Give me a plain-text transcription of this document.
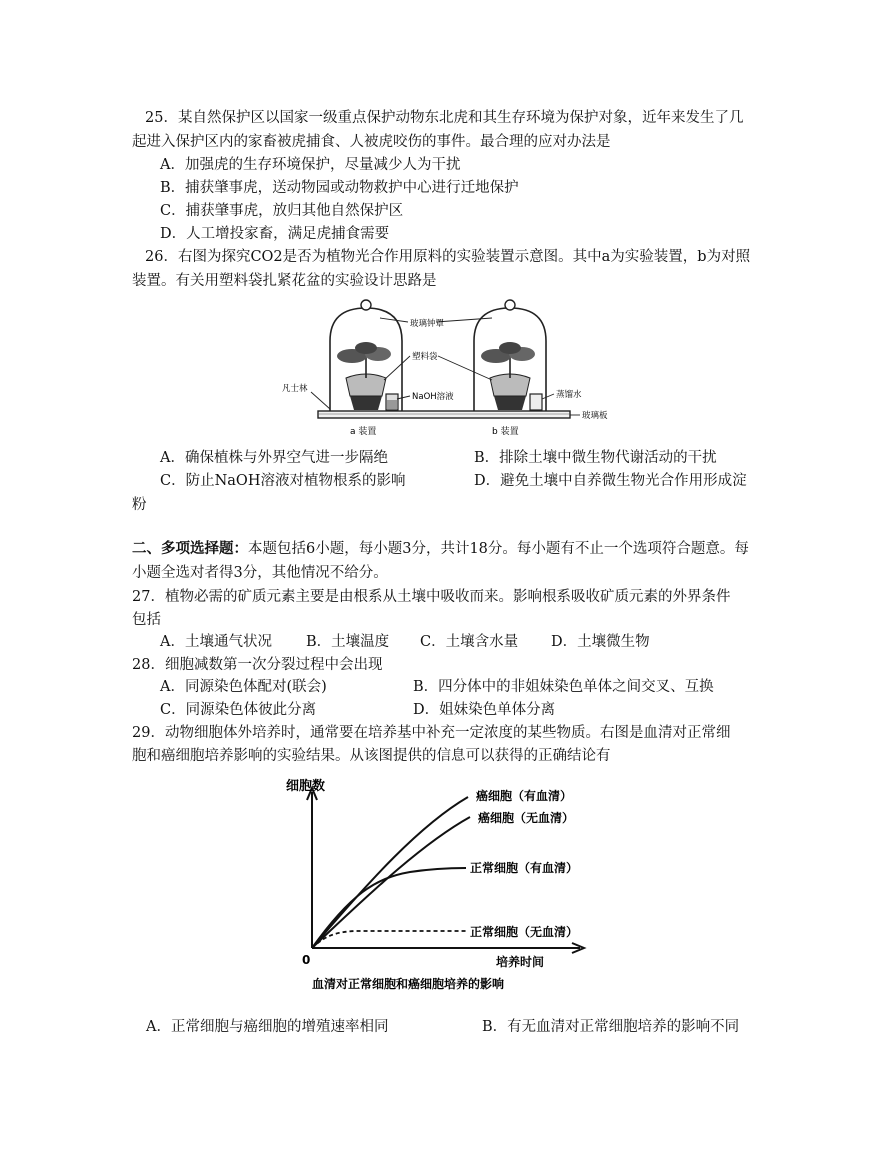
25．某自然保护区以国家一级重点保护动物东北虎和其生存环境为保护对象，近年来发生了几
起进入保护区内的家畜被虎捕食、人被虎咬伤的事件。最合理的应对办法是
A．加强虎的生存环境保护，尽量减少人为干扰
B．捕获肇事虎，送动物园或动物救护中心进行迁地保护
C．捕获肇事虎，放归其他自然保护区
D．人工增投家畜，满足虎捕食需要
26．右图为探究CO2是否为植物光合作用原料的实验装置示意图。其中a为实验装置，b为对照
装置。有关用塑料袋扎紧花盆的实验设计思路是
玻璃钟罩
塑料袋
NaOH溶液
凡士林
蒸馏水
玻璃板
a 装置	b 装置
A．确保植株与外界空气进一步隔绝	B．排除土壤中微生物代谢活动的干扰
C．防止NaOH溶液对植物根系的影响	D．避免土壤中自养微生物光合作用形成淀
粉
二、多项选择题：本题包括6小题，每小题3分，共计18分。每小题有不止一个选项符合题意。每
小题全选对者得3分，其他情况不给分。
27．植物必需的矿质元素主要是由根系从土壤中吸收而来。影响根系吸收矿质元素的外界条件
包括
A．土壤通气状况 B．土壤温度 C．土壤含水量 D．土壤微生物
28．细胞减数第一次分裂过程中会出现
A．同源染色体配对(联会)	B．四分体中的非姐妹染色单体之间交叉、互换
C．同源染色体彼此分离	D．姐妹染色单体分离
29．动物细胞体外培养时，通常要在培养基中补充一定浓度的某些物质。右图是血清对正常细
胞和癌细胞培养影响的实验结果。从该图提供的信息可以获得的正确结论有
细胞数
0	培养时间
血清对正常细胞和癌细胞培养的影响
癌细胞（有血清）
癌细胞（无血清）
正常细胞（有血清）
正常细胞（无血清）
A．正常细胞与癌细胞的增殖速率相同	B．有无血清对正常细胞培养的影响不同
